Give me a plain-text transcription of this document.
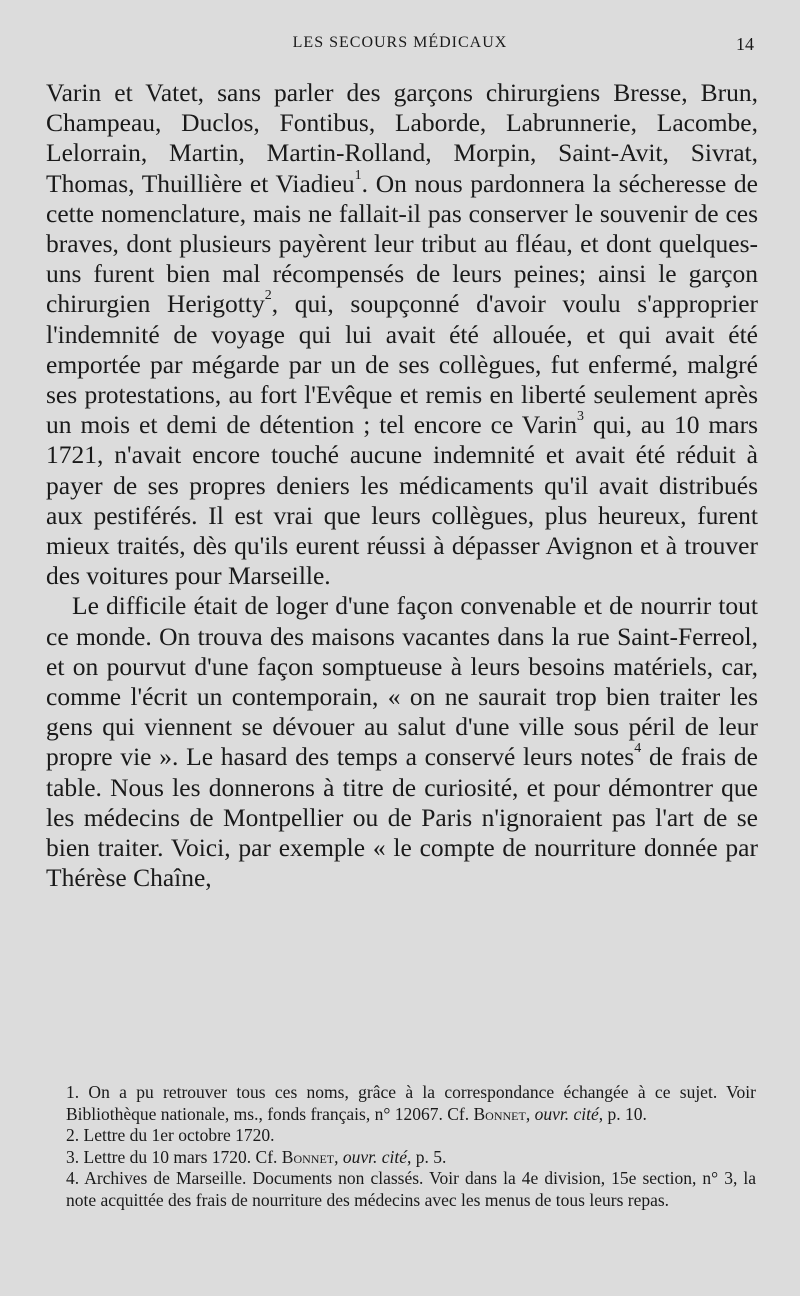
LES SECOURS MÉDICAUX	14

Varin et Vatet, sans parler des garçons chirurgiens Bresse, Brun, Champeau, Duclos, Fontibus, Laborde, Labrunnerie, Lacombe, Lelorrain, Martin, Martin-Rolland, Morpin, Saint-Avit, Sivrat, Thomas, Thuillière et Viadieu$^1$. On nous pardonnera la sécheresse de cette nomenclature, mais ne fallait-il pas conserver le souvenir de ces braves, dont plusieurs payèrent leur tribut au fléau, et dont quelques-uns furent bien mal récompensés de leurs peines; ainsi le garçon chirurgien Herigotty$^2$, qui, soupçonné d'avoir voulu s'approprier l'indemnité de voyage qui lui avait été allouée, et qui avait été emportée par mégarde par un de ses collègues, fut enfermé, malgré ses protestations, au fort l'Evêque et remis en liberté seulement après un mois et demi de détention ; tel encore ce Varin$^3$ qui, au 10 mars 1721, n'avait encore touché aucune indemnité et avait été réduit à payer de ses propres deniers les médicaments qu'il avait distribués aux pestiférés. Il est vrai que leurs collègues, plus heureux, furent mieux traités, dès qu'ils eurent réussi à dépasser Avignon et à trouver des voitures pour Marseille.

Le difficile était de loger d'une façon convenable et de nourrir tout ce monde. On trouva des maisons vacantes dans la rue Saint-Ferreol, et on pourvut d'une façon somptueuse à leurs besoins matériels, car, comme l'écrit un contemporain, « on ne saurait trop bien traiter les gens qui viennent se dévouer au salut d'une ville sous péril de leur propre vie ». Le hasard des temps a conservé leurs notes$^4$ de frais de table. Nous les donnerons à titre de curiosité, et pour démontrer que les médecins de Montpellier ou de Paris n'ignoraient pas l'art de se bien traiter. Voici, par exemple « le compte de nourriture donnée par Thérèse Chaîne,

1. On a pu retrouver tous ces noms, grâce à la correspondance échangée à ce sujet. Voir Bibliothèque nationale, ms., fonds français, n° 12067. Cf. Bonnet, ouvr. cité, p. 10.

2. Lettre du 1er octobre 1720.

3. Lettre du 10 mars 1720. Cf. Bonnet, ouvr. cité, p. 5.

4. Archives de Marseille. Documents non classés. Voir dans la 4e division, 15e section, n° 3, la note acquittée des frais de nourriture des médecins avec les menus de tous leurs repas.
